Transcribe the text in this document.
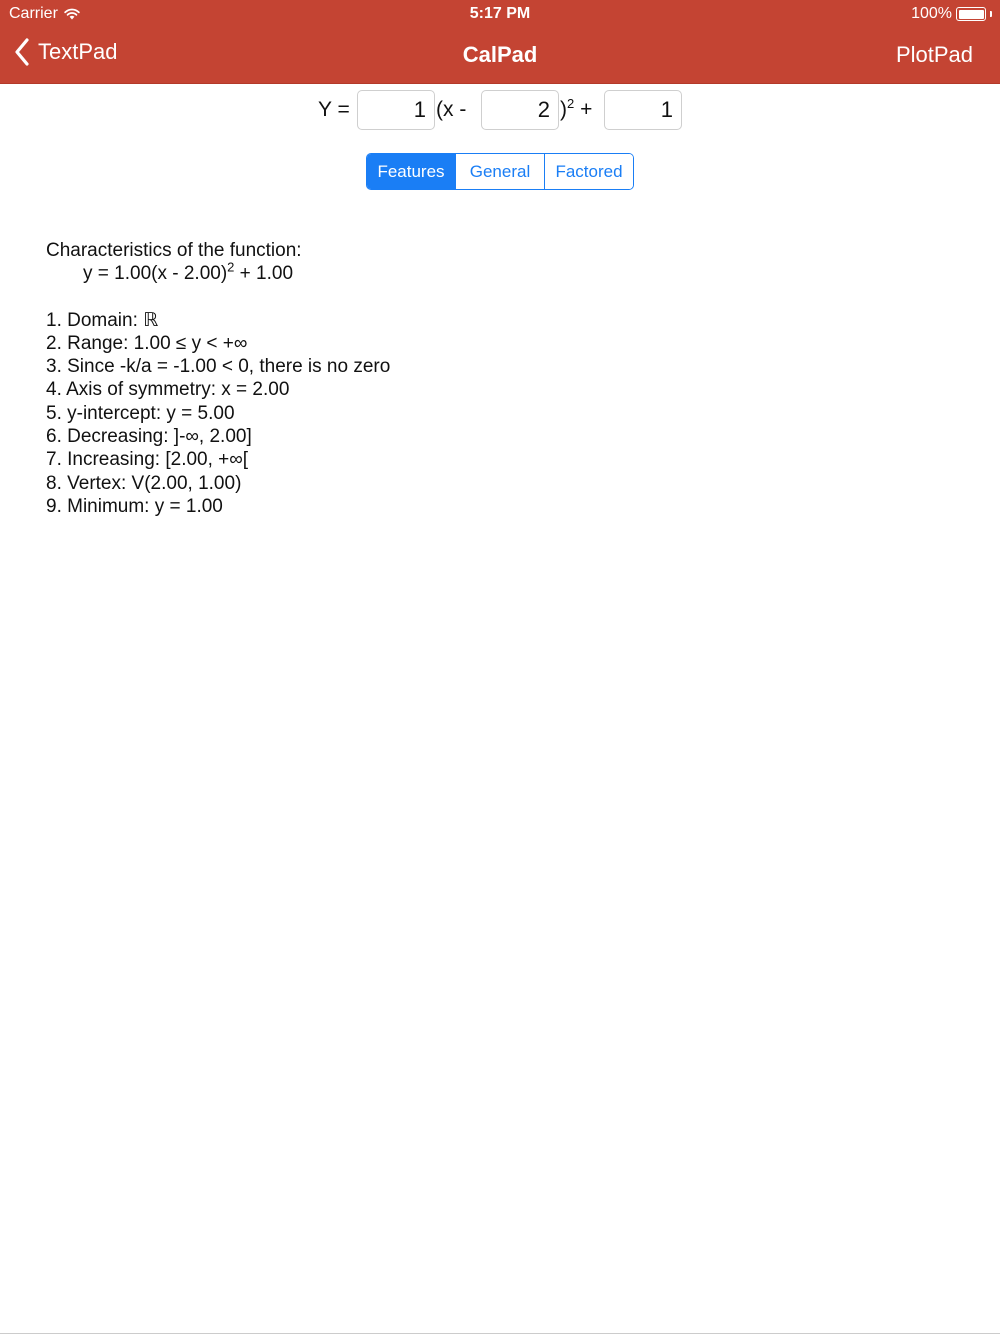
Carrier	5:17 PM	100%
TextPad	CalPad	PlotPad
Y =
1	(x -
2	)$^2$ +
1
Features	General	Factored
Characteristics of the function:
y = 1.00(x - 2.00)$^2$ + 1.00
1. Domain: ℝ
2. Range: 1.00 ≤ y < +∞
3. Since -k/a = -1.00 < 0, there is no zero
4. Axis of symmetry: x = 2.00
5. y-intercept: y = 5.00
6. Decreasing: ]-∞, 2.00]
7. Increasing: [2.00, +∞[
8. Vertex: V(2.00, 1.00)
9. Minimum: y = 1.00
